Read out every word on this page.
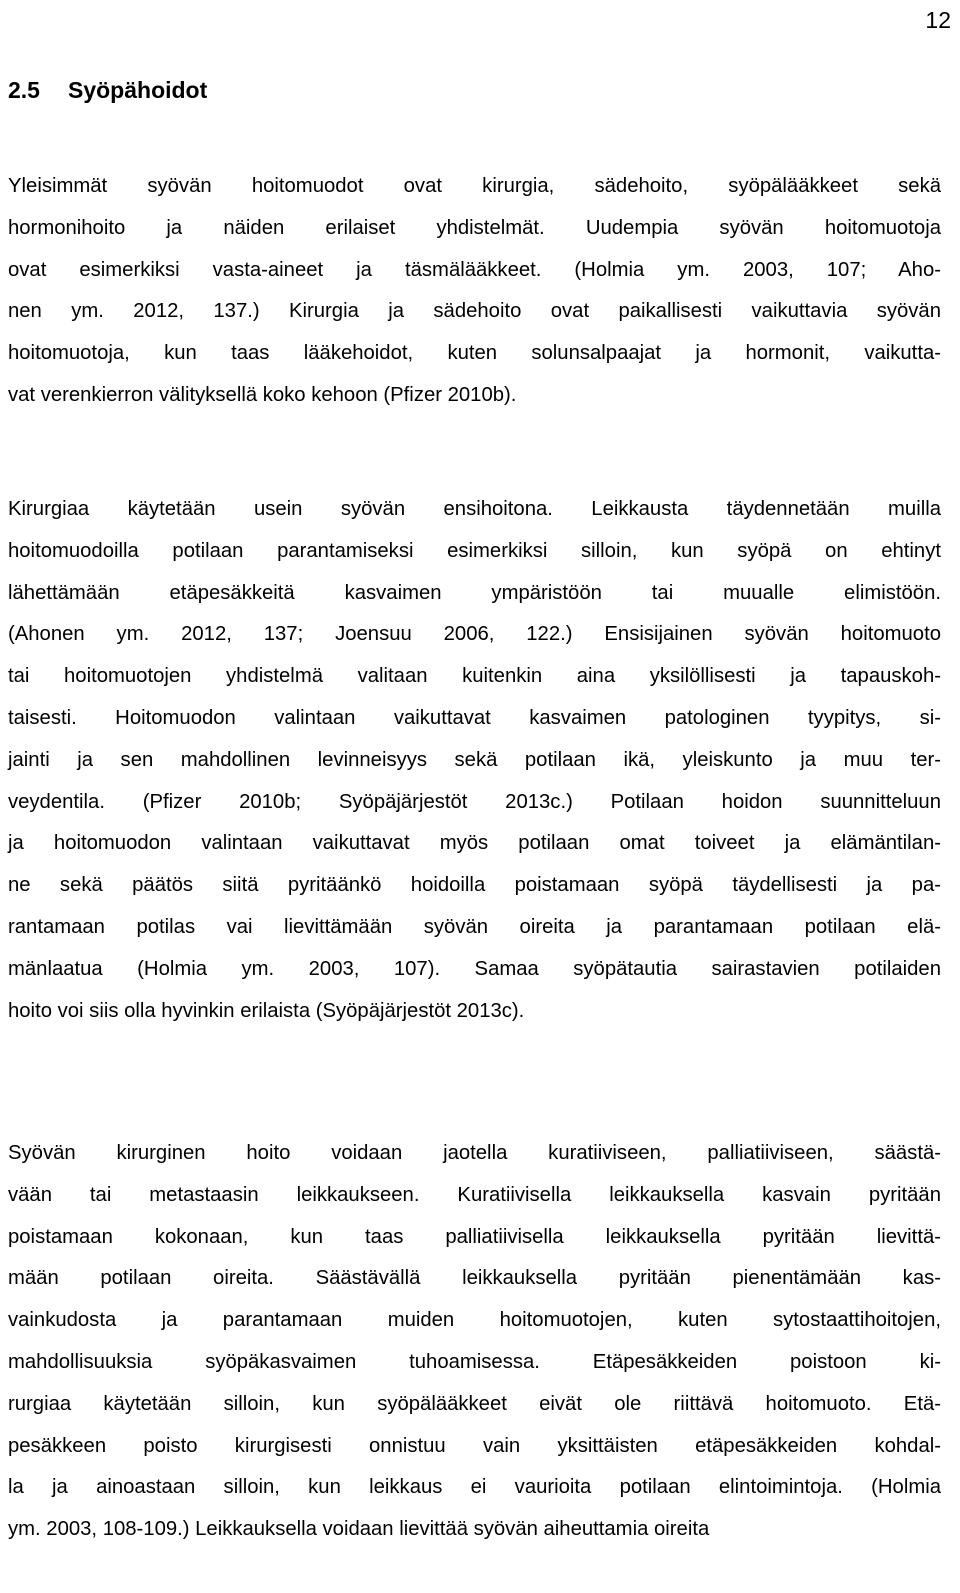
12
2.5 Syöpähoidot

Yleisimmät syövän hoitomuodot ovat kirurgia, sädehoito, syöpälääkkeet sekä
hormonihoito ja näiden erilaiset yhdistelmät. Uudempia syövän hoitomuotoja
ovat esimerkiksi vasta-aineet ja täsmälääkkeet. (Holmia ym. 2003, 107; Aho-
nen ym. 2012, 137.) Kirurgia ja sädehoito ovat paikallisesti vaikuttavia syövän
hoitomuotoja, kun taas lääkehoidot, kuten solunsalpaajat ja hormonit, vaikutta-
vat verenkierron välityksellä koko kehoon (Pfizer 2010b).

Kirurgiaa käytetään usein syövän ensihoitona. Leikkausta täydennetään muilla
hoitomuodoilla potilaan parantamiseksi esimerkiksi silloin, kun syöpä on ehtinyt
lähettämään etäpesäkkeitä kasvaimen ympäristöön tai muualle elimistöön.
(Ahonen ym. 2012, 137; Joensuu 2006, 122.) Ensisijainen syövän hoitomuoto
tai hoitomuotojen yhdistelmä valitaan kuitenkin aina yksilöllisesti ja tapauskoh-
taisesti. Hoitomuodon valintaan vaikuttavat kasvaimen patologinen tyypitys, si-
jainti ja sen mahdollinen levinneisyys sekä potilaan ikä, yleiskunto ja muu ter-
veydentila. (Pfizer 2010b; Syöpäjärjestöt 2013c.) Potilaan hoidon suunnitteluun
ja hoitomuodon valintaan vaikuttavat myös potilaan omat toiveet ja elämäntilan-
ne sekä päätös siitä pyritäänkö hoidoilla poistamaan syöpä täydellisesti ja pa-
rantamaan potilas vai lievittämään syövän oireita ja parantamaan potilaan elä-
mänlaatua (Holmia ym. 2003, 107). Samaa syöpätautia sairastavien potilaiden
hoito voi siis olla hyvinkin erilaista (Syöpäjärjestöt 2013c).

Syövän kirurginen hoito voidaan jaotella kuratiiviseen, palliatiiviseen, säästä-
vään tai metastaasin leikkaukseen. Kuratiivisella leikkauksella kasvain pyritään
poistamaan kokonaan, kun taas palliatiivisella leikkauksella pyritään lievittä-
mään potilaan oireita. Säästävällä leikkauksella pyritään pienentämään kas-
vainkudosta ja parantamaan muiden hoitomuotojen, kuten sytostaattihoitojen,
mahdollisuuksia syöpäkasvaimen tuhoamisessa. Etäpesäkkeiden poistoon ki-
rurgiaa käytetään silloin, kun syöpälääkkeet eivät ole riittävä hoitomuoto. Etä-
pesäkkeen poisto kirurgisesti onnistuu vain yksittäisten etäpesäkkeiden kohdal-
la ja ainoastaan silloin, kun leikkaus ei vaurioita potilaan elintoimintoja. (Holmia
ym. 2003, 108-109.) Leikkauksella voidaan lievittää syövän aiheuttamia oireita
